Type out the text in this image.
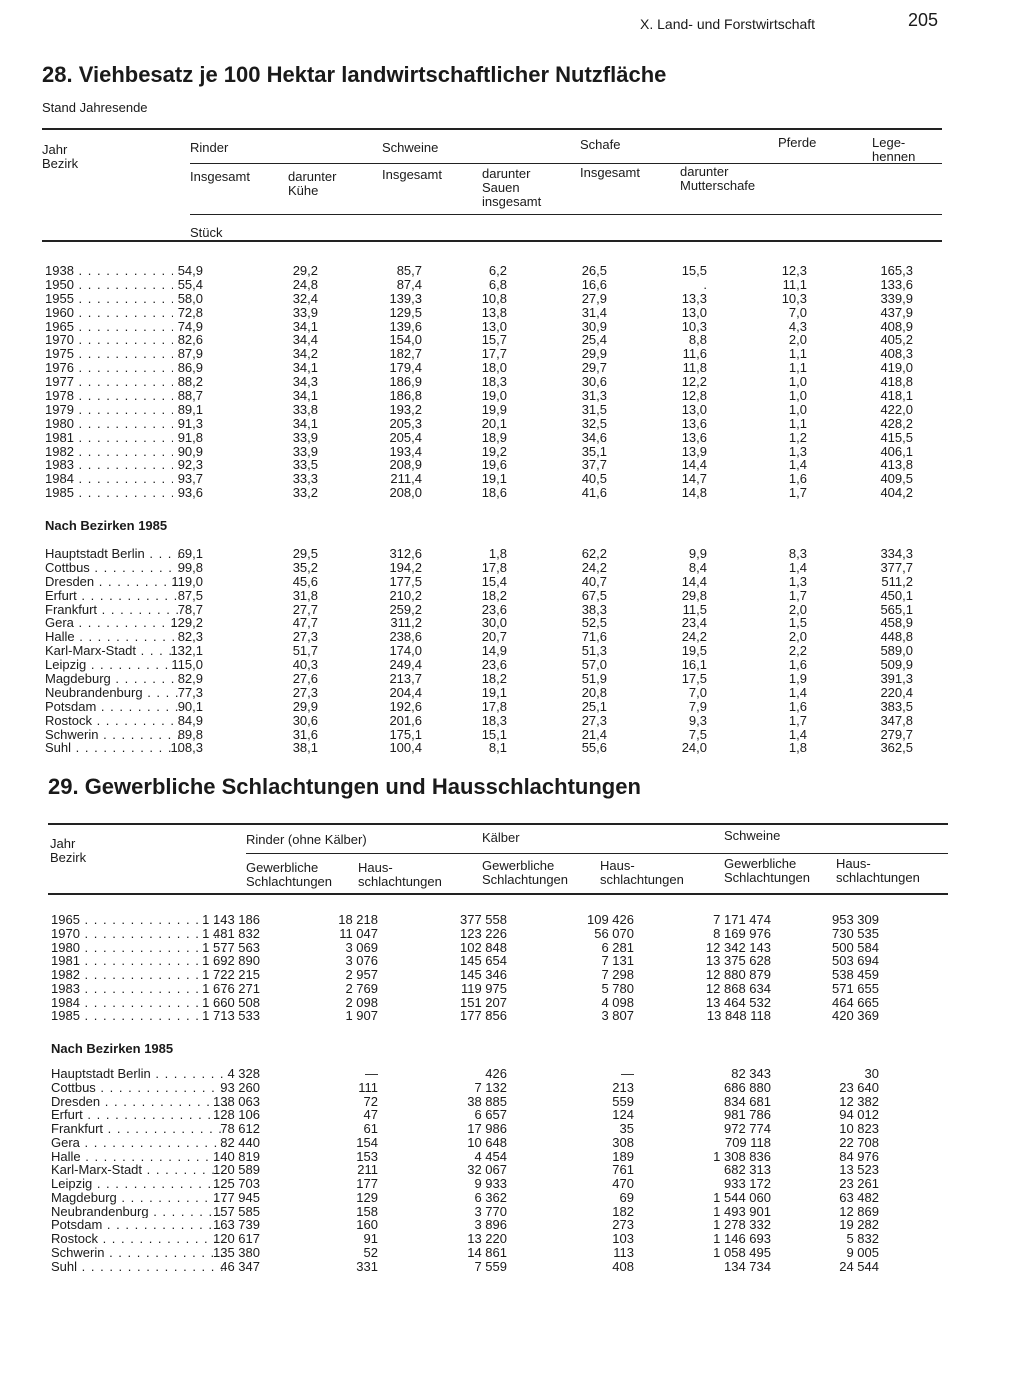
X. Land- und Forstwirtschaft	205
28. Viehbesatz je 100 Hektar landwirtschaftlicher Nutzfläche
Stand Jahresende
Jahr
Bezirk
Rinder	Schweine	Schafe	Pferde	Lege-
hennen
Insgesamt	darunter
Kühe
Insgesamt	darunter
Sauen
insgesamt
Insgesamt	darunter
Mutterschafe
Stück
1938 . . .	54,9	29,2	85,7	6,2	26,5	15,5	12,3	165,3
1950 . . .	55,4	24,8	87,4	6,8	16,6	.	11,1	133,6
1955 . . .	58,0	32,4	139,3	10,8	27,9	13,3	10,3	339,9
1960 . . .	72,8	33,9	129,5	13,8	31,4	13,0	7,0	437,9
1965 . . .	74,9	34,1	139,6	13,0	30,9	10,3	4,3	408,9
1970 . . .	82,6	34,4	154,0	15,7	25,4	8,8	2,0	405,2
1975 . . .	87,9	34,2	182,7	17,7	29,9	11,6	1,1	408,3
1976 . . .	86,9	34,1	179,4	18,0	29,7	11,8	1,1	419,0
1977 . . .	88,2	34,3	186,9	18,3	30,6	12,2	1,0	418,8
1978 . . .	88,7	34,1	186,8	19,0	31,3	12,8	1,0	418,1
1979 . . .	89,1	33,8	193,2	19,9	31,5	13,0	1,0	422,0
1980 . . .	91,3	34,1	205,3	20,1	32,5	13,6	1,1	428,2
1981 . . .	91,8	33,9	205,4	18,9	34,6	13,6	1,2	415,5
1982 . . .	90,9	33,9	193,4	19,2	35,1	13,9	1,3	406,1
1983 . . .	92,3	33,5	208,9	19,6	37,7	14,4	1,4	413,8
1984 . . .	93,7	33,3	211,4	19,1	40,5	14,7	1,6	409,5
1985 . . .	93,6	33,2	208,0	18,6	41,6	14,8	1,7	404,2
Nach Bezirken 1985
Hauptstadt Berlin . . .	69,1	29,5	312,6	1,8	62,2	9,9	8,3	334,3
Cottbus . . .	99,8	35,2	194,2	17,8	24,2	8,4	1,4	377,7
Dresden . . .	119,0	45,6	177,5	15,4	40,7	14,4	1,3	511,2
Erfurt . . .	87,5	31,8	210,2	18,2	67,5	29,8	1,7	450,1
Frankfurt . . .	78,7	27,7	259,2	23,6	38,3	11,5	2,0	565,1
Gera . . .	129,2	47,7	311,2	30,0	52,5	23,4	1,5	458,9
Halle . . .	82,3	27,3	238,6	20,7	71,6	24,2	2,0	448,8
Karl-Marx-Stadt . . .	132,1	51,7	174,0	14,9	51,3	19,5	2,2	589,0
Leipzig . . .	115,0	40,3	249,4	23,6	57,0	16,1	1,6	509,9
Magdeburg . . .	82,9	27,6	213,7	18,2	51,9	17,5	1,9	391,3
Neubrandenburg . . .	77,3	27,3	204,4	19,1	20,8	7,0	1,4	220,4
Potsdam . . .	90,1	29,9	192,6	17,8	25,1	7,9	1,6	383,5
Rostock . . .	84,9	30,6	201,6	18,3	27,3	9,3	1,7	347,8
Schwerin . . .	89,8	31,6	175,1	15,1	21,4	7,5	1,4	279,7
Suhl . . .	108,3	38,1	100,4	8,1	55,6	24,0	1,8	362,5
29. Gewerbliche Schlachtungen und Hausschlachtungen
Jahr
Bezirk
Rinder (ohne Kälber)	Kälber	Schweine
Gewerbliche
Schlachtungen
Haus-
schlachtungen
Gewerbliche
Schlachtungen
Haus-
schlachtungen
Gewerbliche
Schlachtungen
Haus-
schlachtungen
1965 . . .	1 143 186	18 218	377 558	109 426	7 171 474	953 309
1970 . . .	1 481 832	11 047	123 226	56 070	8 169 976	730 535
1980 . . .	1 577 563	3 069	102 848	6 281	12 342 143	500 584
1981 . . .	1 692 890	3 076	145 654	7 131	13 375 628	503 694
1982 . . .	1 722 215	2 957	145 346	7 298	12 880 879	538 459
1983 . . .	1 676 271	2 769	119 975	5 780	12 868 634	571 655
1984 . . .	1 660 508	2 098	151 207	4 098	13 464 532	464 665
1985 . . .	1 713 533	1 907	177 856	3 807	13 848 118	420 369
Nach Bezirken 1985
Hauptstadt Berlin . . .	4 328	—	426	—	82 343	30
Cottbus . . .	93 260	111	7 132	213	686 880	23 640
Dresden . . .	138 063	72	38 885	559	834 681	12 382
Erfurt . . .	128 106	47	6 657	124	981 786	94 012
Frankfurt . . .	78 612	61	17 986	35	972 774	10 823
Gera . . .	82 440	154	10 648	308	709 118	22 708
Halle . . .	140 819	153	4 454	189	1 308 836	84 976
Karl-Marx-Stadt . . .	120 589	211	32 067	761	682 313	13 523
Leipzig . . .	125 703	177	9 933	470	933 172	23 261
Magdeburg . . .	177 945	129	6 362	69	1 544 060	63 482
Neubrandenburg . . .	157 585	158	3 770	182	1 493 901	12 869
Potsdam . . .	163 739	160	3 896	273	1 278 332	19 282
Rostock . . .	120 617	91	13 220	103	1 146 693	5 832
Schwerin . . .	135 380	52	14 861	113	1 058 495	9 005
Suhl . . .	46 347	331	7 559	408	134 734	24 544
